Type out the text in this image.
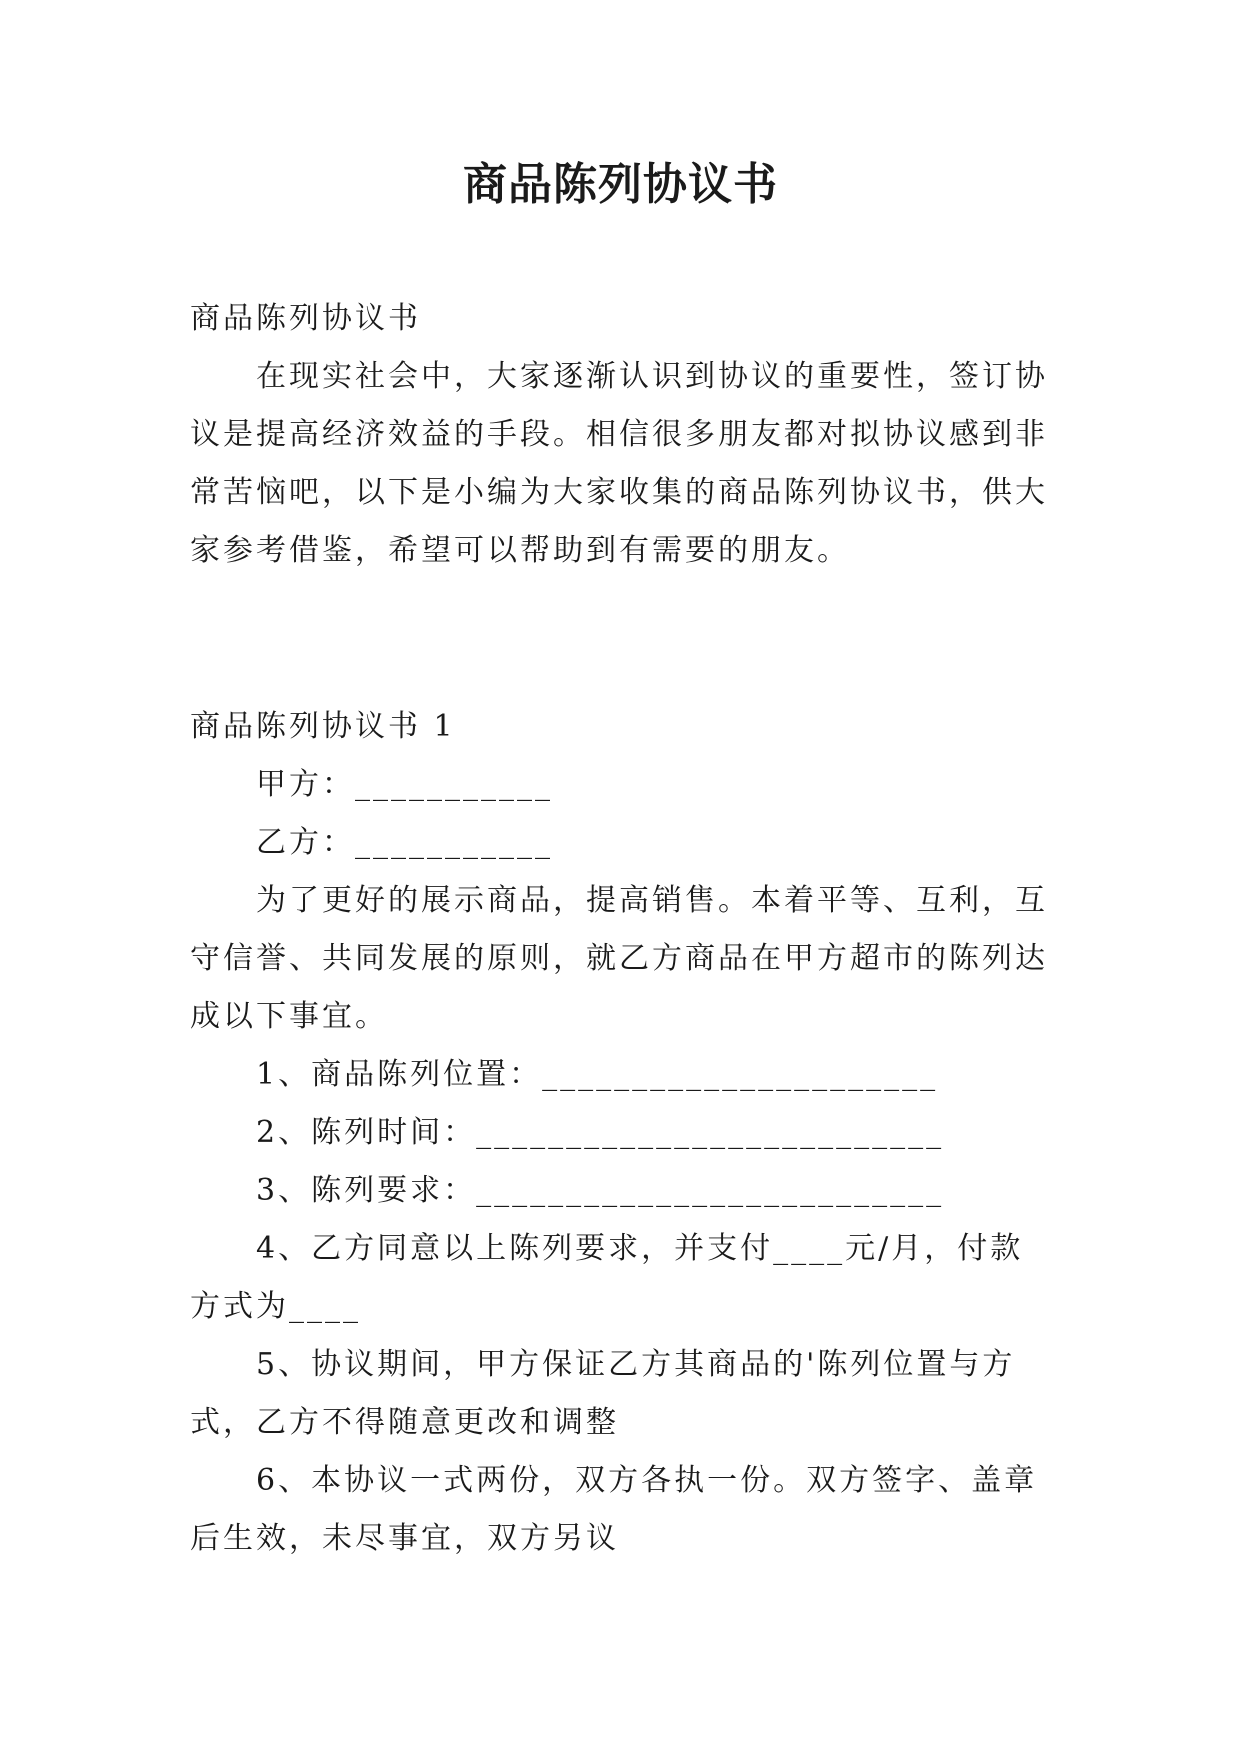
商品陈列协议书

商品陈列协议书

在现实社会中，大家逐渐认识到协议的重要性，签订协议是提高经济效益的手段。相信很多朋友都对拟协议感到非常苦恼吧，以下是小编为大家收集的商品陈列协议书，供大家参考借鉴，希望可以帮助到有需要的朋友。

商品陈列协议书 1

甲方：___________

乙方：___________

为了更好的展示商品，提高销售。本着平等、互利，互守信誉、共同发展的原则，就乙方商品在甲方超市的陈列达成以下事宜。

1、商品陈列位置：______________________

2、陈列时间：__________________________

3、陈列要求：__________________________

4、乙方同意以上陈列要求，并支付____元/月，付款方式为____

5、协议期间，甲方保证乙方其商品的'陈列位置与方式，乙方不得随意更改和调整

6、本协议一式两份，双方各执一份。双方签字、盖章后生效，未尽事宜，双方另议
